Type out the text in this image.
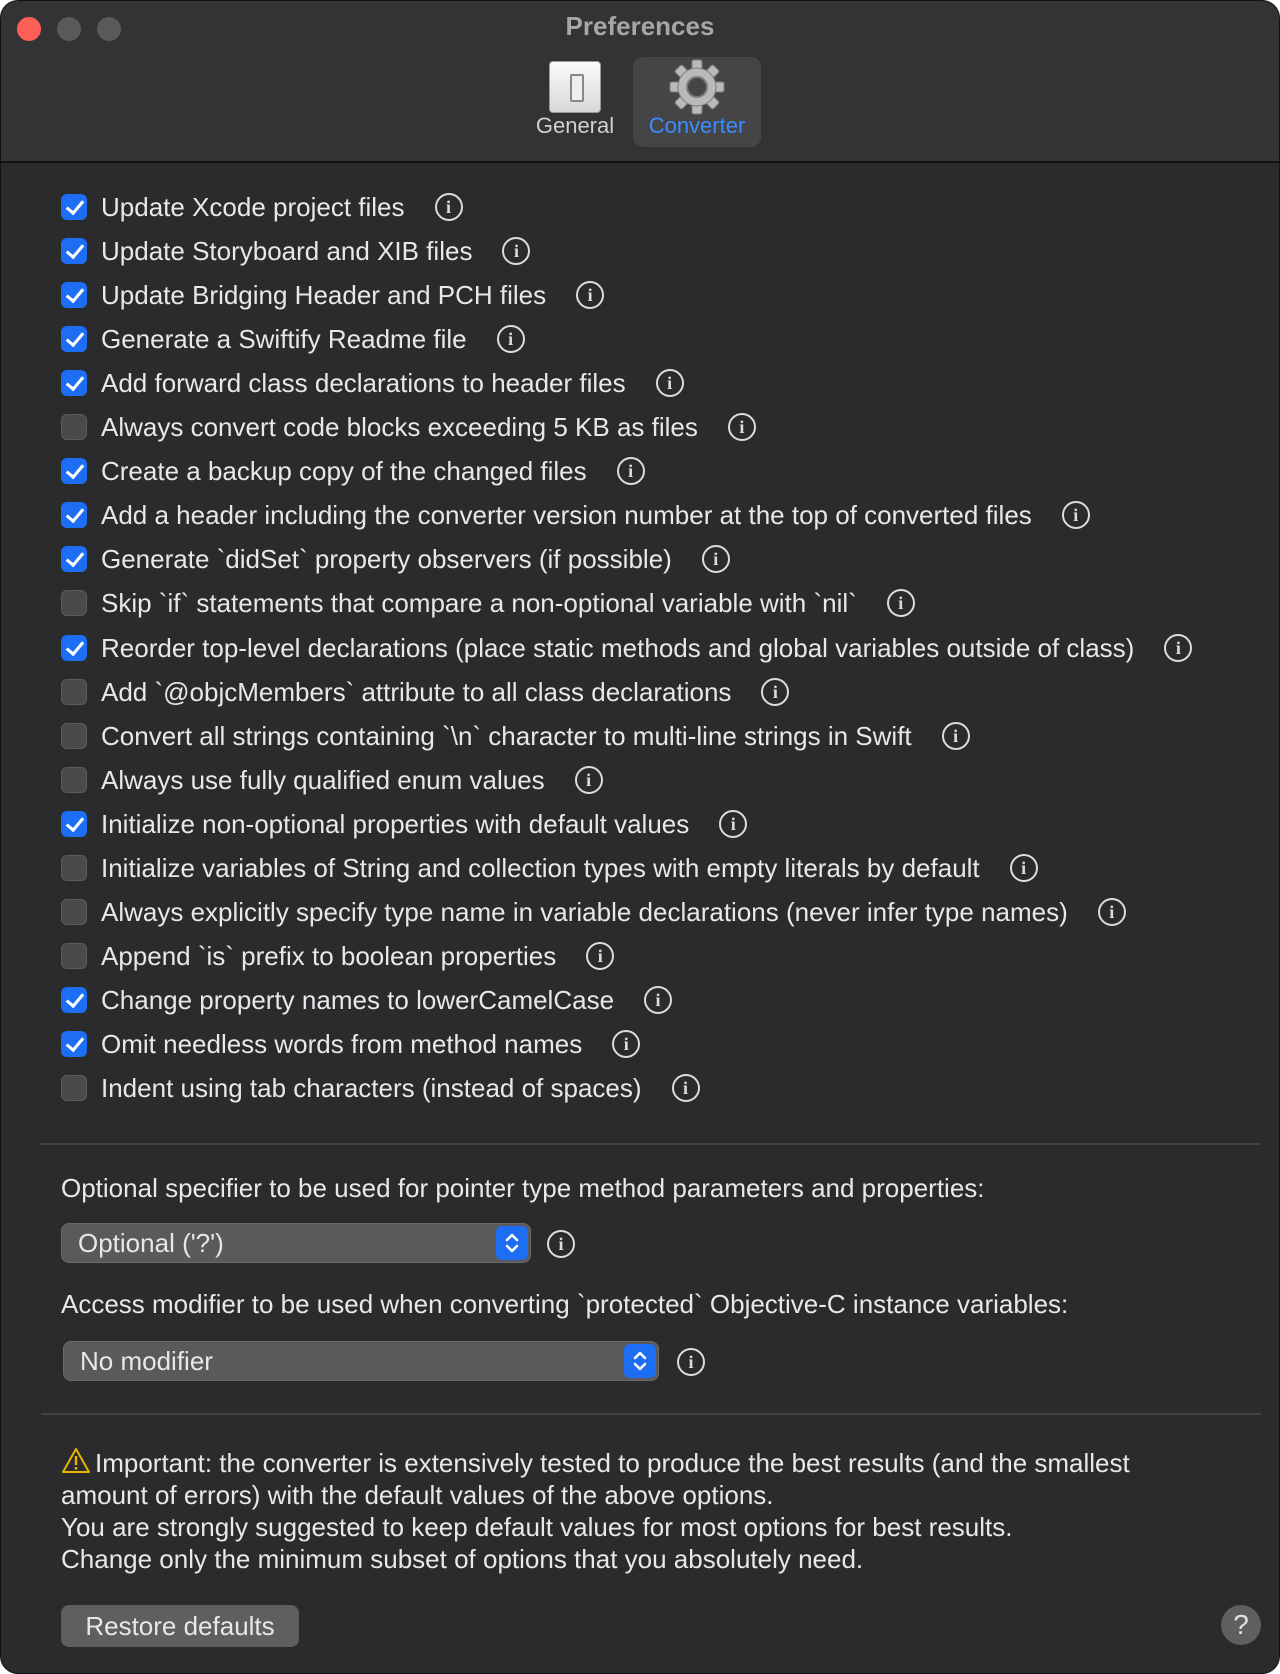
Preferences
General	Converter
Update Xcode project files	i
Update Storyboard and XIB files	i
Update Bridging Header and PCH files	i
Generate a Swiftify Readme file	i
Add forward class declarations to header files	i
Always convert code blocks exceeding 5 KB as files	i
Create a backup copy of the changed files	i
Add a header including the converter version number at the top of converted files	i
Generate `didSet` property observers (if possible)	i
Skip `if` statements that compare a non-optional variable with `nil`	i
Reorder top-level declarations (place static methods and global variables outside of class)	i
Add `@objcMembers` attribute to all class declarations	i
Convert all strings containing `\n` character to multi-line strings in Swift	i
Always use fully qualified enum values	i
Initialize non-optional properties with default values	i
Initialize variables of String and collection types with empty literals by default	i
Always explicitly specify type name in variable declarations (never infer type names)	i
Append `is` prefix to boolean properties	i
Change property names to lowerCamelCase	i
Omit needless words from method names	i
Indent using tab characters (instead of spaces)	i
Optional specifier to be used for pointer type method parameters and properties:
Optional ('?')	i
Access modifier to be used when converting `protected` Objective-C instance variables:
No modifier	i
Important: the converter is extensively tested to produce the best results (and the smallest amount of errors) with the default values of the above options.
You are strongly suggested to keep default values for most options for best results.
Change only the minimum subset of options that you absolutely need.
Restore defaults	?
